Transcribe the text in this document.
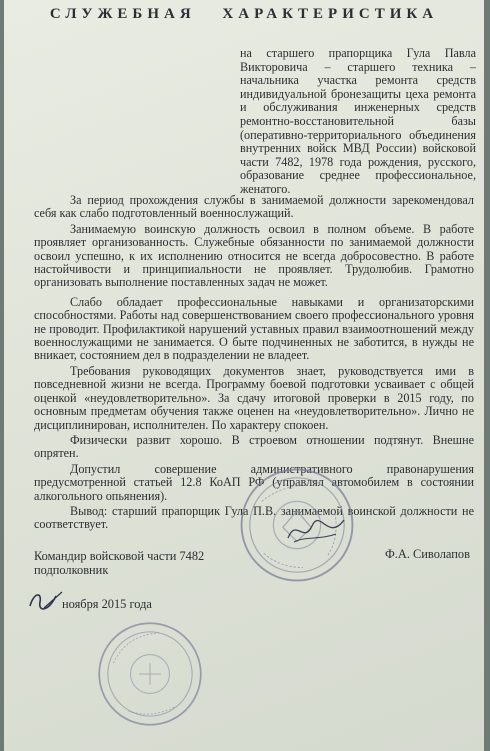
СЛУЖЕБНАЯ ХАРАКТЕРИСТИКА
на старшего прапорщика Гула Павла Викторовича – старшего техника – начальника участка ремонта средств индивидуальной бронезащиты цеха ремонта и обслуживания инженерных средств ремонтно-восстановительной базы (оперативно-территориального объединения внутренних войск МВД России) войсковой части 7482, 1978 года рождения, русского, образование среднее профессиональное, женатого.

За период прохождения службы в занимаемой должности зарекомендовал себя как слабо подготовленный военнослужащий.

Занимаемую воинскую должность освоил в полном объеме. В работе проявляет организованность. Служебные обязанности по занимаемой должности освоил успешно, к их исполнению относится не всегда добросовестно. В работе настойчивости и принципиальности не проявляет. Трудолюбив. Грамотно организовать выполнение поставленных задач не может.

Слабо обладает профессиональные навыками и организаторскими способностями. Работы над совершенствованием своего профессионального уровня не проводит. Профилактикой нарушений уставных правил взаимоотношений между военнослужащими не занимается. О быте подчиненных не заботится, в нужды не вникает, состоянием дел в подразделении не владеет.

Требования руководящих документов знает, руководствуется ими в повседневной жизни не всегда. Программу боевой подготовки усваивает с общей оценкой «неудовлетворительно». За сдачу итоговой проверки в 2015 году, по основным предметам обучения также оценен на «неудовлетворительно». Лично не дисциплинирован, исполнителен. По характеру спокоен.

Физически развит хорошо. В строевом отношении подтянут. Внешне опрятен.

Допустил совершение административного правонарушения предусмотренной статьей 12.8 КоАП РФ (управлял автомобилем в состоянии алкогольного опьянения).

Вывод: старший прапорщик Гула П.В. занимаемой воинской должности не соответствует.

Командир войсковой части 7482
подполковник
Ф.А. Сиволапов
ноября 2015 года
